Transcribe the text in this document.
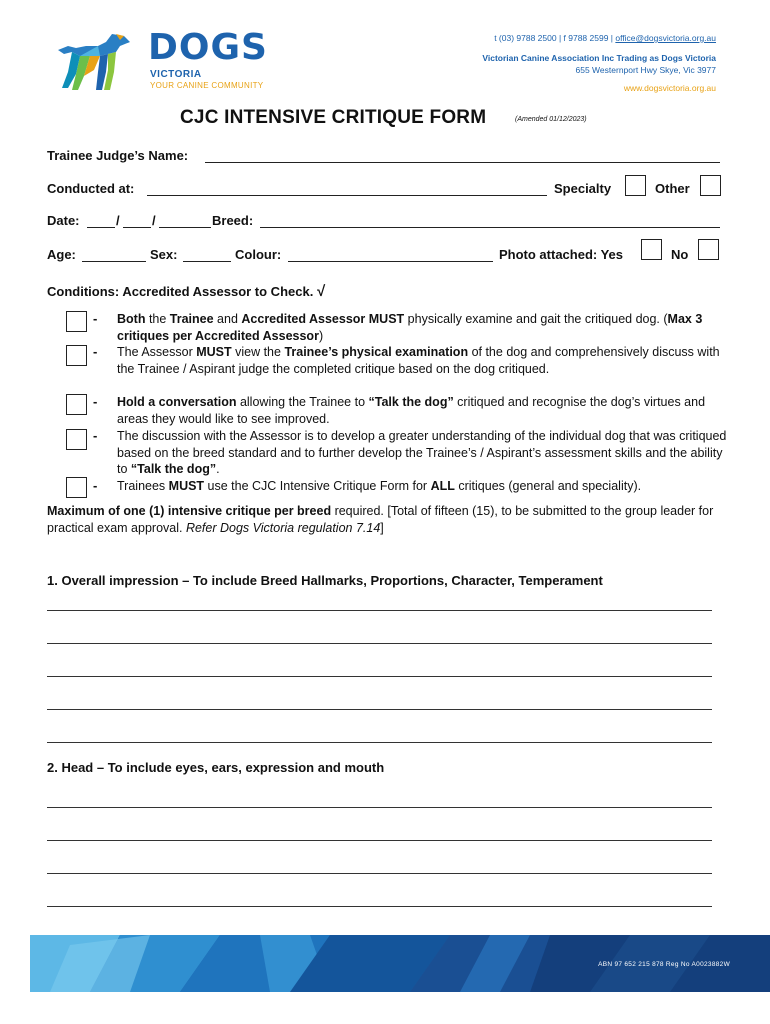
DOGS
VICTORIA
YOUR CANINE COMMUNITY
t (03) 9788 2500 | f 9788 2599 | office@dogsvictoria.org.au
Victorian Canine Association Inc Trading as Dogs Victoria
655 Westernport Hwy Skye, Vic 3977
www.dogsvictoria.org.au
CJC INTENSIVE CRITIQUE FORM	(Amended 01/12/2023)
Trainee Judge’s Name:
Conducted at:	Specialty	Other
Date:	/ /	Breed:
Age:	Sex:	Colour:	Photo attached: Yes	No
Conditions: Accredited Assessor to Check. √
- Both the Trainee and Accredited Assessor MUST physically examine and gait the critiqued dog. (Max 3 critiques per Accredited Assessor)
- The Assessor MUST view the Trainee’s physical examination of the dog and comprehensively discuss with the Trainee / Aspirant judge the completed critique based on the dog critiqued.
- Hold a conversation allowing the Trainee to “Talk the dog” critiqued and recognise the dog’s virtues and areas they would like to see improved.
- The discussion with the Assessor is to develop a greater understanding of the individual dog that was critiqued based on the breed standard and to further develop the Trainee’s / Aspirant’s assessment skills and the ability to “Talk the dog”.
- Trainees MUST use the CJC Intensive Critique Form for ALL critiques (general and speciality).
Maximum of one (1) intensive critique per breed required. [Total of fifteen (15), to be submitted to the group leader for practical exam approval. Refer Dogs Victoria regulation 7.14]
1. Overall impression – To include Breed Hallmarks, Proportions, Character, Temperament
2. Head – To include eyes, ears, expression and mouth
ABN 97 652 215 878 Reg No A0023882W
